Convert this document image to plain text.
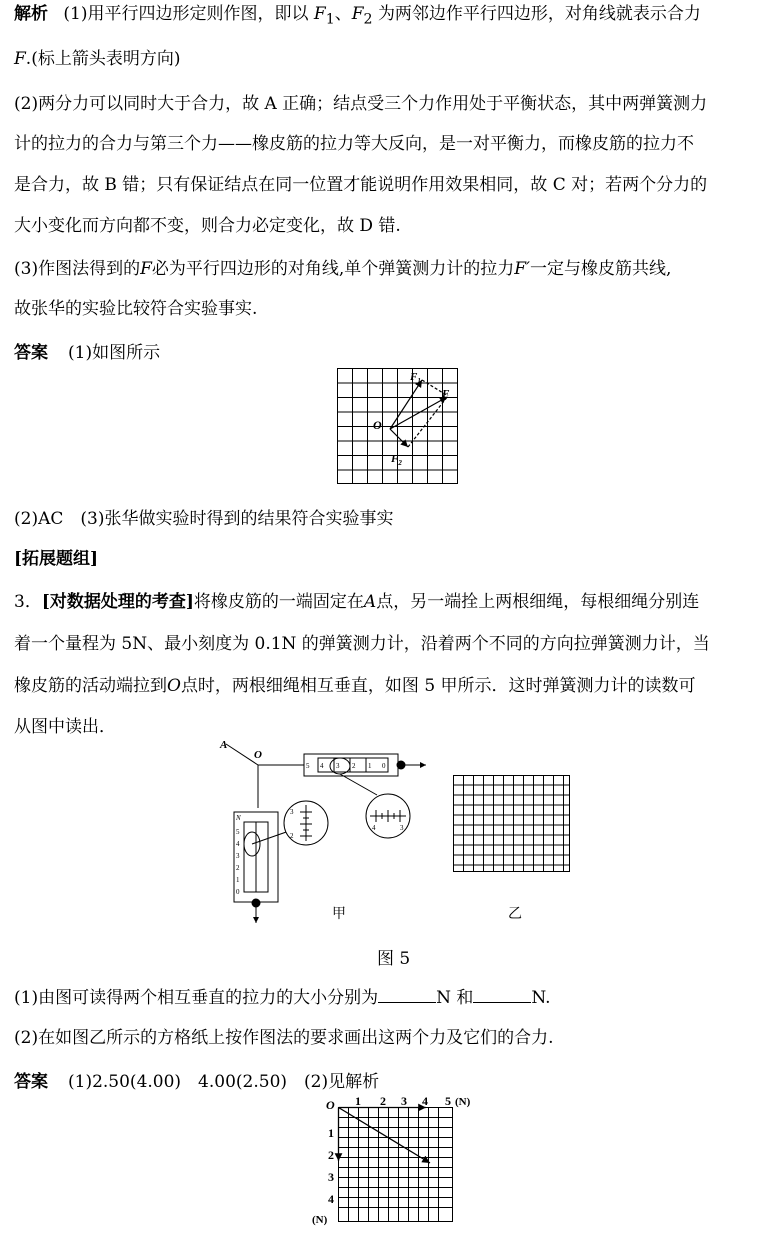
解析 (1)用平行四边形定则作图，即以 $F_1$、$F_2$ 为两邻边作平行四边形，对角线就表示合力
F.(标上箭头表明方向)
(2)两分力可以同时大于合力，故 A 正确；结点受三个力作用处于平衡状态，其中两弹簧测力
计的拉力的合力与第三个力——橡皮筋的拉力等大反向，是一对平衡力，而橡皮筋的拉力不
是合力，故 B 错；只有保证结点在同一位置才能说明作用效果相同，故 C 对；若两个分力的
大小变化而方向都不变，则合力必定变化，故 D 错.
(3)作图法得到的F必为平行四边形的对角线,单个弹簧测力计的拉力F′一定与橡皮筋共线,
故张华的实验比较符合实验事实.
答案 (1)如图所示
$F_1$
F
O
$F_2$
(2)AC　(3)张华做实验时得到的结果符合实验事实
[拓展题组]
3．[对数据处理的考查]将橡皮筋的一端固定在A点，另一端拴上两根细绳，每根细绳分别连
着一个量程为 5N、最小刻度为 0.1N 的弹簧测力计，沿着两个不同的方向拉弹簧测力计，当
橡皮筋的活动端拉到O点时，两根细绳相互垂直，如图 5 甲所示．这时弹簧测力计的读数可
从图中读出．
A
O
5 4 3 2 1 0
N
5
4
3
2
1
0
4	3
3
2
甲	乙
图 5
(1)由图可读得两个相互垂直的拉力的大小分别为	N 和	N.
(2)在如图乙所示的方格纸上按作图法的要求画出这两个力及它们的合力.
答案 (1)2.50(4.00)　4.00(2.50)　(2)见解析
O 1 2 3 4 5 (N)
1
2
3
4
(N)
